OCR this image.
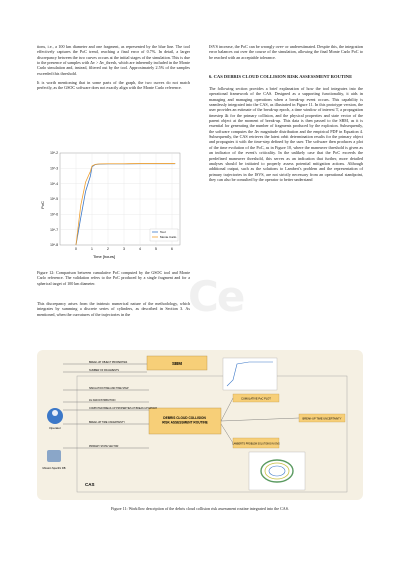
tions, i.e., a 100 km diameter and one fragment, as represented by the blue line. The tool effectively captures the PoC trend, reaching a final error of 0.7%. In detail, a larger discrepancy between the two curves occurs at the initial stages of the simulation. This is due to the presence of samples with Δv > Δv_thresh, which are inherently included in the Monte Carlo simulation and, instead, filtered out by the tool. Approximately 2.5% of the samples exceeded this threshold.

It is worth mentioning that in some parts of the graph, the two curves do not match perfectly, as the GSOC software does not exactly align with the Monte Carlo reference.

10^-2
10^-3
10^-4
10^-5
10^-6
10^-7
10^-8
0	1	2	3	4	5	6
PoC
Time [hours]
Tool
Monte Carlo
Figure 12: Comparison between cumulative PoC computed by the GSOC tool and Monte Carlo reference. The validation refers to the PoC produced by a single fragment and for a spherical target of 100 km diameter.

This discrepancy arises from the intrinsic numerical nature of the methodology, which integrates by summing a discrete series of cylinders, as described in Section 3. As mentioned, when the curvatures of the trajectories in the

ISVS increase, the PoC can be wrongly over- or underestimated. Despite this, the integration error balances out over the course of the simulation, allowing the final Monte Carlo PoC to be reached with an acceptable tolerance.

6. CAS DEBRIS CLOUD COLLISION RISK ASSESSMENT ROUTINE

The following section provides a brief explanation of how the tool integrates into the operational framework of the CAS. Designed as a supporting functionality, it aids in managing and managing operations when a break-up event occurs. This capability is seamlessly integrated into the CAS, as illustrated in Figure 11. In this prototype version, the user provides an estimate of the break-up epoch, a time window of interest T, a propagation timestep Δt for the primary collision, and the physical properties and state vector of the parent object at the moment of break-up. This data is then passed to the SBM, as it is essential for generating the number of fragments produced by the explosion. Subsequently, the software computes the Δv magnitude distribution and the empirical PDF in Equation 4. Subsequently, the CAS retrieves the latest orbit determination results for the primary object and propagates it with the time-step defined by the user. The software then produces a plot of the time evolution of the PoC, as in Figure 10, where the maneuver threshold is given as an indicator of the event's criticality. In the unlikely case that the PoC exceeds the predefined maneuver threshold, this serves as an indication that further, more detailed analyses should be initiated to properly assess potential mitigation actions. Although additional output, such as the solutions to Lambert's problem and the representation of primary trajectories in the ISVS, are not strictly necessary from an operational standpoint, they can also be consulted by the operator to better understand

Ce
SBM
CAS
DEBRIS CLOUD COLLISION RISK ASSESSMENT ROUTINE
Operator
Mission Specific DB
BREAK-UP OBJECT PROPERTIES
NUMBER OF FRAGMENTS
SIMULATION TIME AND TIME STEP
ΔV AND DISTRIBUTION
COMPUTED BREAK-UP PROPERTIES AT BREAK-UP EPOCH
BREAK-UP TIME UNCERTAINTY
PRIMARY STATE VECTOR
CUMULATIVE PoC PLOT
BREAK-UP TIME UNCERTAINTY
LAMBERT'S PROBLEM SOLUTIONS IN ISVS
Figure 11: Workflow description of the debris cloud collision risk assessment routine integrated into the CAS.
